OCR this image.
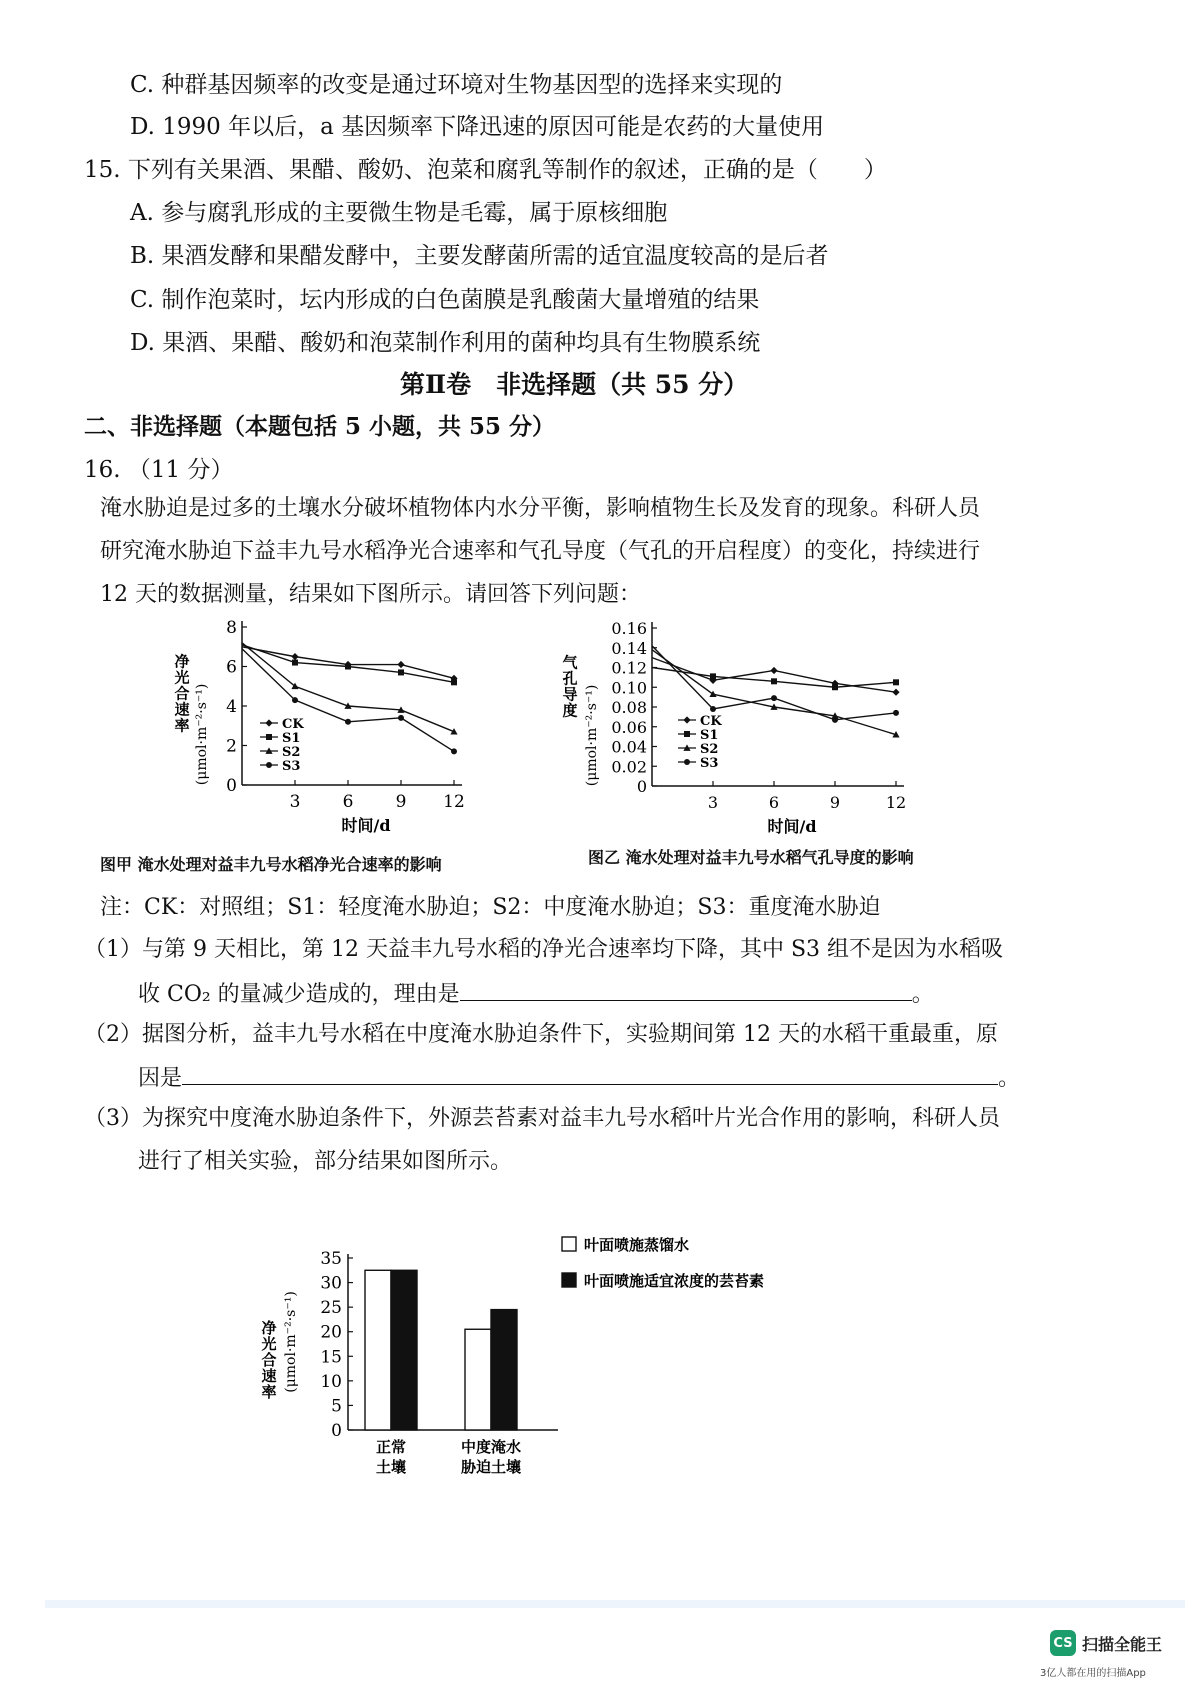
C. 种群基因频率的改变是通过环境对生物基因型的选择来实现的
D. 1990 年以后，a 基因频率下降迅速的原因可能是农药的大量使用
15. 下列有关果酒、果醋、酸奶、泡菜和腐乳等制作的叙述，正确的是（　　）
A. 参与腐乳形成的主要微生物是毛霉，属于原核细胞
B. 果酒发酵和果醋发酵中，主要发酵菌所需的适宜温度较高的是后者
C. 制作泡菜时，坛内形成的白色菌膜是乳酸菌大量增殖的结果
D. 果酒、果醋、酸奶和泡菜制作利用的菌种均具有生物膜系统
第Ⅱ卷　非选择题（共 55 分）
二、非选择题（本题包括 5 小题，共 55 分）
16. （11 分）
淹水胁迫是过多的土壤水分破坏植物体内水分平衡，影响植物生长及发育的现象。科研人员
研究淹水胁迫下益丰九号水稻净光合速率和气孔导度（气孔的开启程度）的变化，持续进行
12 天的数据测量，结果如下图所示。请回答下列问题：
0
2
4
6
8
3 6 9 12
时间/d
净
光
合
速
率 (μmol·m⁻²·s⁻¹)	CK
S1
S2
S3
图甲 淹水处理对益丰九号水稻净光合速率的影响
0
0.02
0.04
0.06
0.08
0.10
0.12
0.14
0.16
3	6	9	12
时间/d
气
孔
导
度 (μmol·m⁻²·s⁻¹)	CK
S1
S2
S3
图乙 淹水处理对益丰九号水稻气孔导度的影响
注：CK：对照组；S1：轻度淹水胁迫；S2：中度淹水胁迫；S3：重度淹水胁迫
（1）与第 9 天相比，第 12 天益丰九号水稻的净光合速率均下降，其中 S3 组不是因为水稻吸
收 CO₂ 的量减少造成的，理由是	。
（2）据图分析，益丰九号水稻在中度淹水胁迫条件下，实验期间第 12 天的水稻干重最重，原
因是	。
（3）为探究中度淹水胁迫条件下，外源芸苔素对益丰九号水稻叶片光合作用的影响，科研人员
进行了相关实验，部分结果如图所示。
0
5
10
15
20
25
30
35
净
光
合
速
率 (μmol·m⁻²·s⁻¹)
正常
土壤
中度淹水
胁迫土壤
叶面喷施蒸馏水
叶面喷施适宜浓度的芸苔素
CS 扫描全能王
3亿人都在用的扫描App
